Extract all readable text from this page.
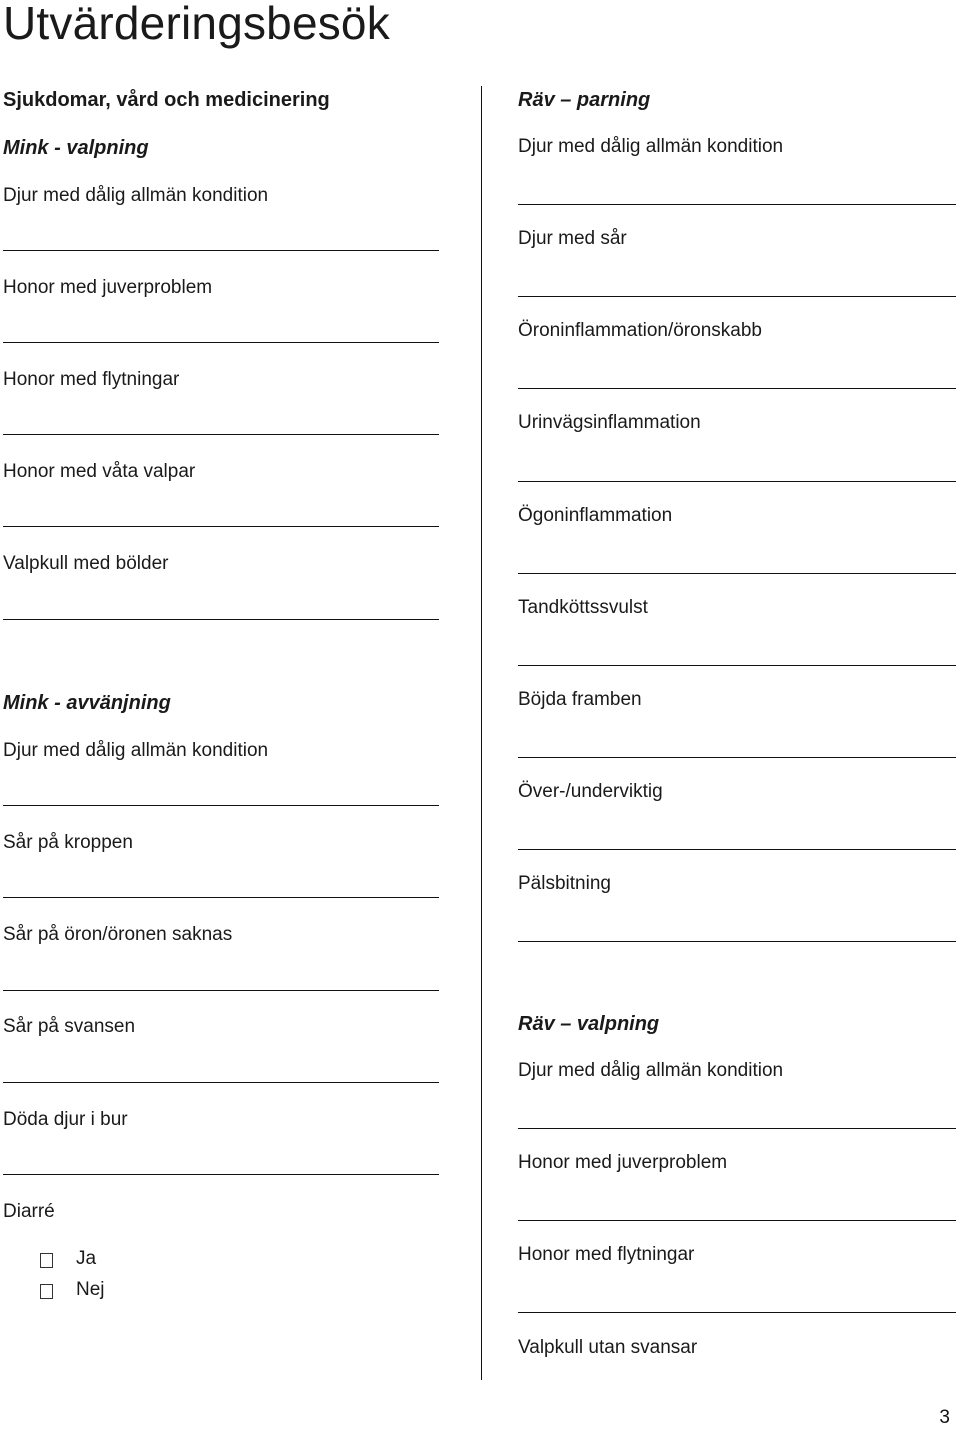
Utvärderingsbesök
Sjukdomar, vård och medicinering
Mink - valpning
Djur med dålig allmän kondition
Honor med juverproblem
Honor med flytningar
Honor med våta valpar
Valpkull med bölder
Mink - avvänjning
Djur med dålig allmän kondition
Sår på kroppen
Sår på öron/öronen saknas
Sår på svansen
Döda djur i bur
Diarré
Ja
Nej
Räv – parning
Djur med dålig allmän kondition
Djur med sår
Öroninflammation/öronskabb
Urinvägsinflammation
Ögoninflammation
Tandköttssvulst
Böjda framben
Över-/underviktig
Pälsbitning
Räv – valpning
Djur med dålig allmän kondition
Honor med juverproblem
Honor med flytningar
Valpkull utan svansar
3
